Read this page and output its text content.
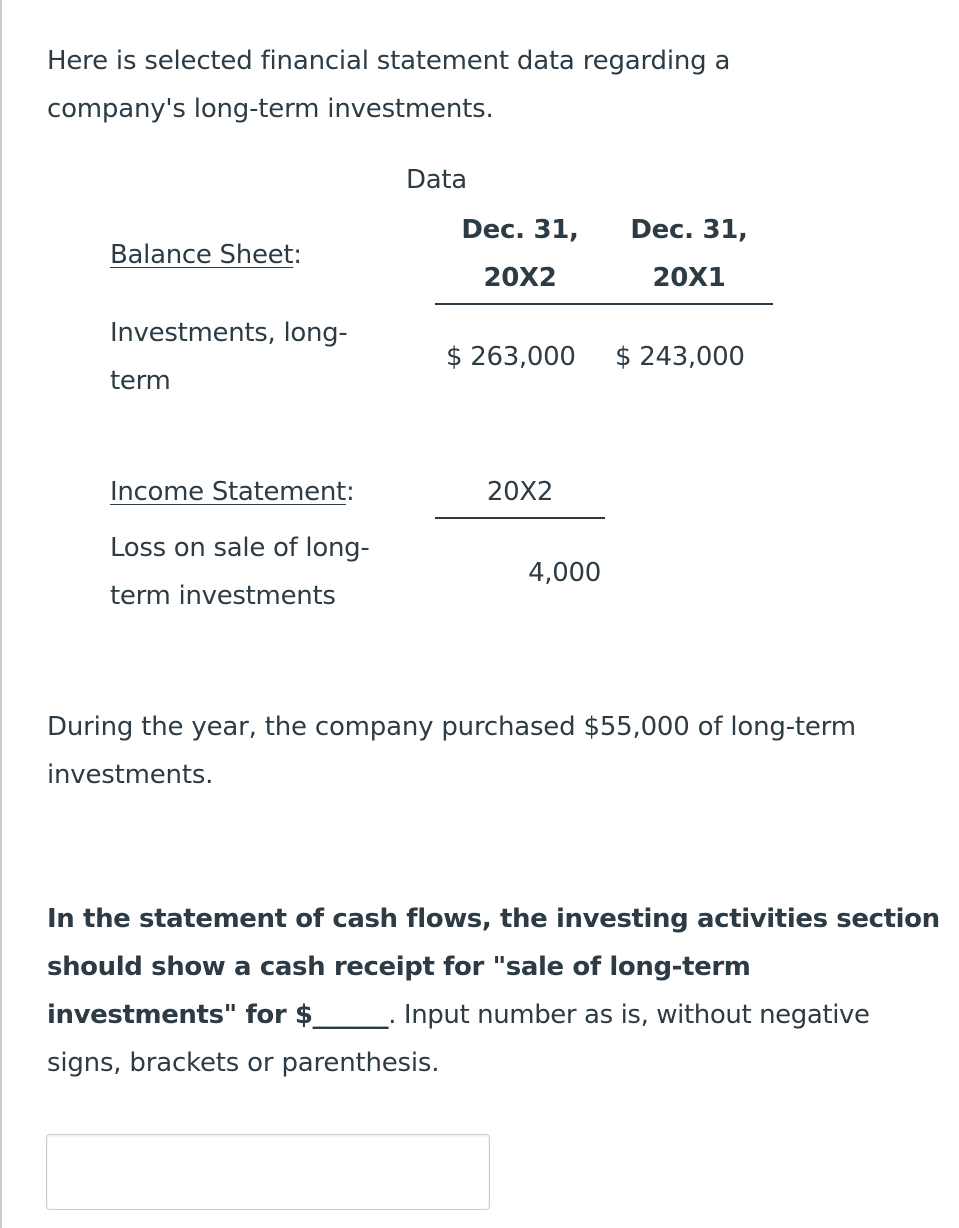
Here is selected financial statement data regarding a
company's long-term investments.
Data
Balance Sheet:
Dec. 31,
20X2
Dec. 31,
20X1
Investments, long-
term
$ 263,000 $ 243,000
Income Statement:	20X2
Loss on sale of long-
term investments
4,000
During the year, the company purchased $55,000 of long-term
investments.
In the statement of cash flows, the investing activities section
should show a cash receipt for "sale of long-term
investments" for $______. Input number as is, without negative
signs, brackets or parenthesis.
